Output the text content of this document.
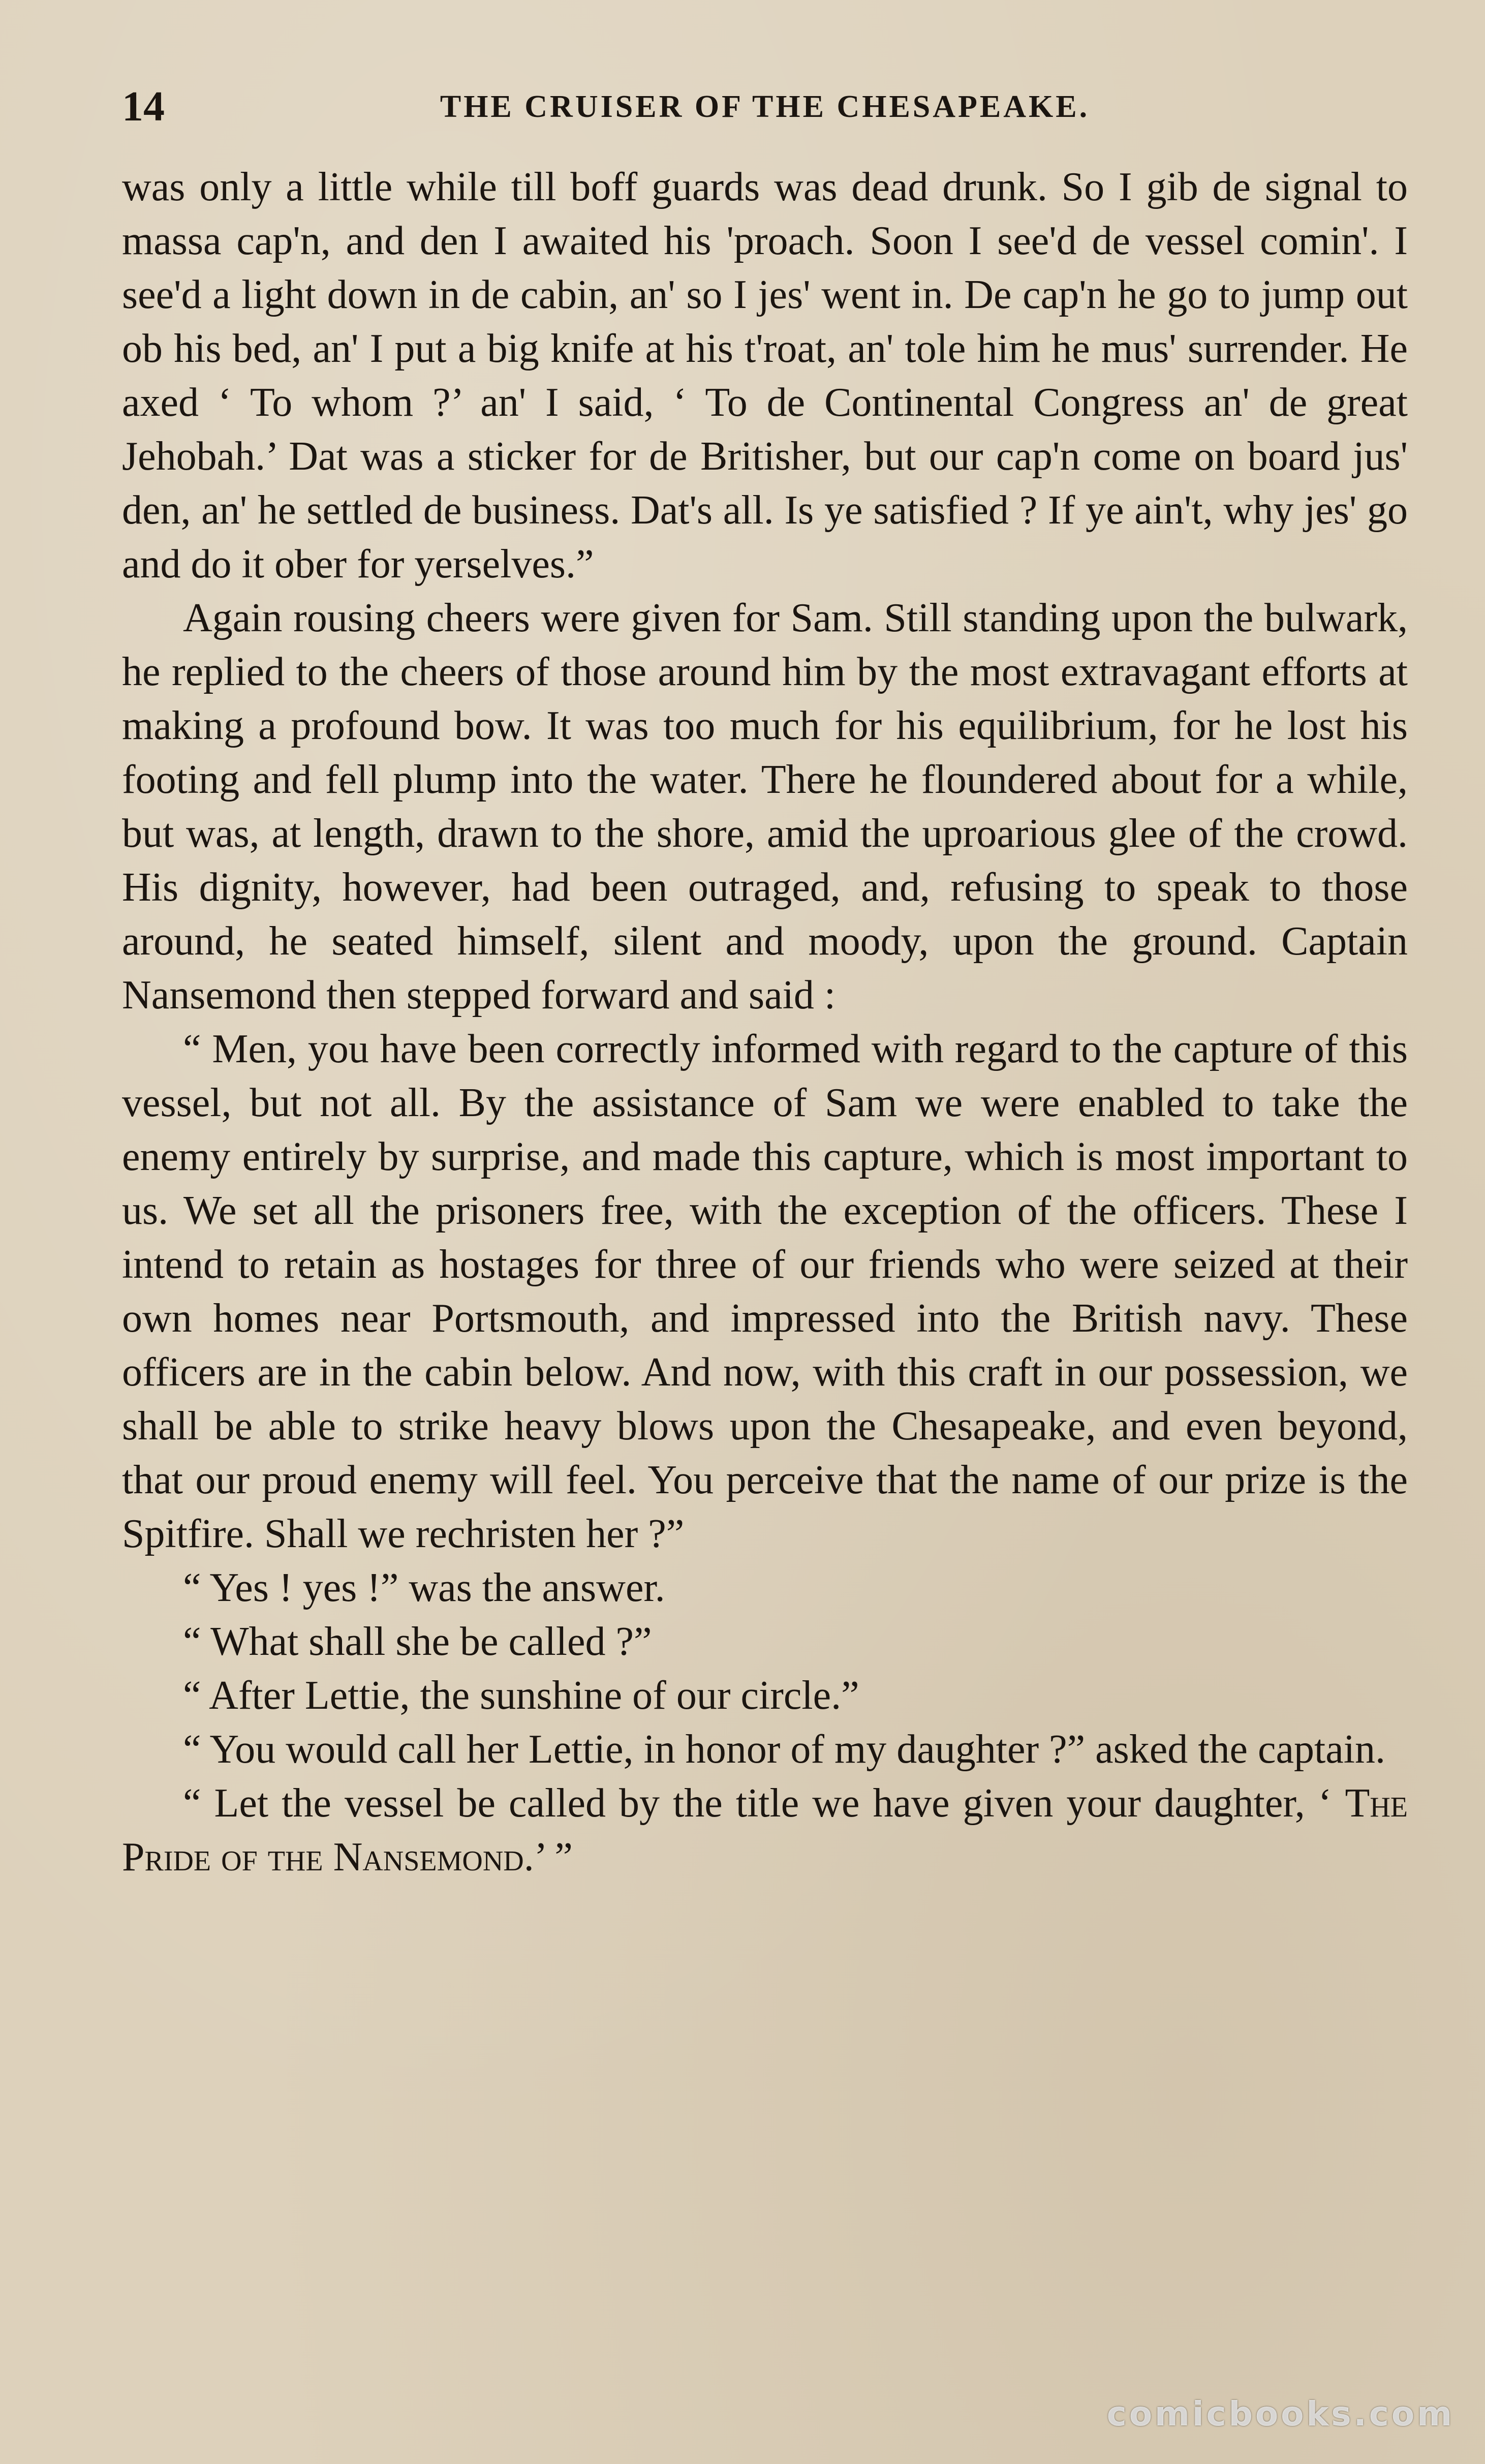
14	THE CRUISER OF THE CHESAPEAKE.

was only a little while till boff guards was dead drunk. So I gib de signal to massa cap'n, and den I awaited his 'proach. Soon I see'd de vessel comin'. I see'd a light down in de cabin, an' so I jes' went in. De cap'n he go to jump out ob his bed, an' I put a big knife at his t'roat, an' tole him he mus' surrender. He axed ‘ To whom ?’ an' I said, ‘ To de Continental Congress an' de great Jehobah.’ Dat was a sticker for de Britisher, but our cap'n come on board jus' den, an' he settled de business. Dat's all. Is ye satisfied ? If ye ain't, why jes' go and do it ober for yerselves.”

Again rousing cheers were given for Sam. Still standing upon the bulwark, he replied to the cheers of those around him by the most extravagant efforts at making a profound bow. It was too much for his equilibrium, for he lost his footing and fell plump into the water. There he floundered about for a while, but was, at length, drawn to the shore, amid the uproarious glee of the crowd. His dignity, however, had been outraged, and, refusing to speak to those around, he seated himself, silent and moody, upon the ground. Captain Nansemond then stepped forward and said :

“ Men, you have been correctly informed with regard to the capture of this vessel, but not all. By the assistance of Sam we were enabled to take the enemy entirely by surprise, and made this capture, which is most important to us. We set all the prisoners free, with the exception of the officers. These I intend to retain as hostages for three of our friends who were seized at their own homes near Portsmouth, and impressed into the British navy. These officers are in the cabin below. And now, with this craft in our possession, we shall be able to strike heavy blows upon the Chesapeake, and even beyond, that our proud enemy will feel. You perceive that the name of our prize is the Spitfire. Shall we rechristen her ?”

“ Yes ! yes !” was the answer.

“ What shall she be called ?”

“ After Lettie, the sunshine of our circle.”

“ You would call her Lettie, in honor of my daughter ?” asked the captain.

“ Let the vessel be called by the title we have given your daughter, ‘ The Pride of the Nansemond.’ ”

comicbooks.com
